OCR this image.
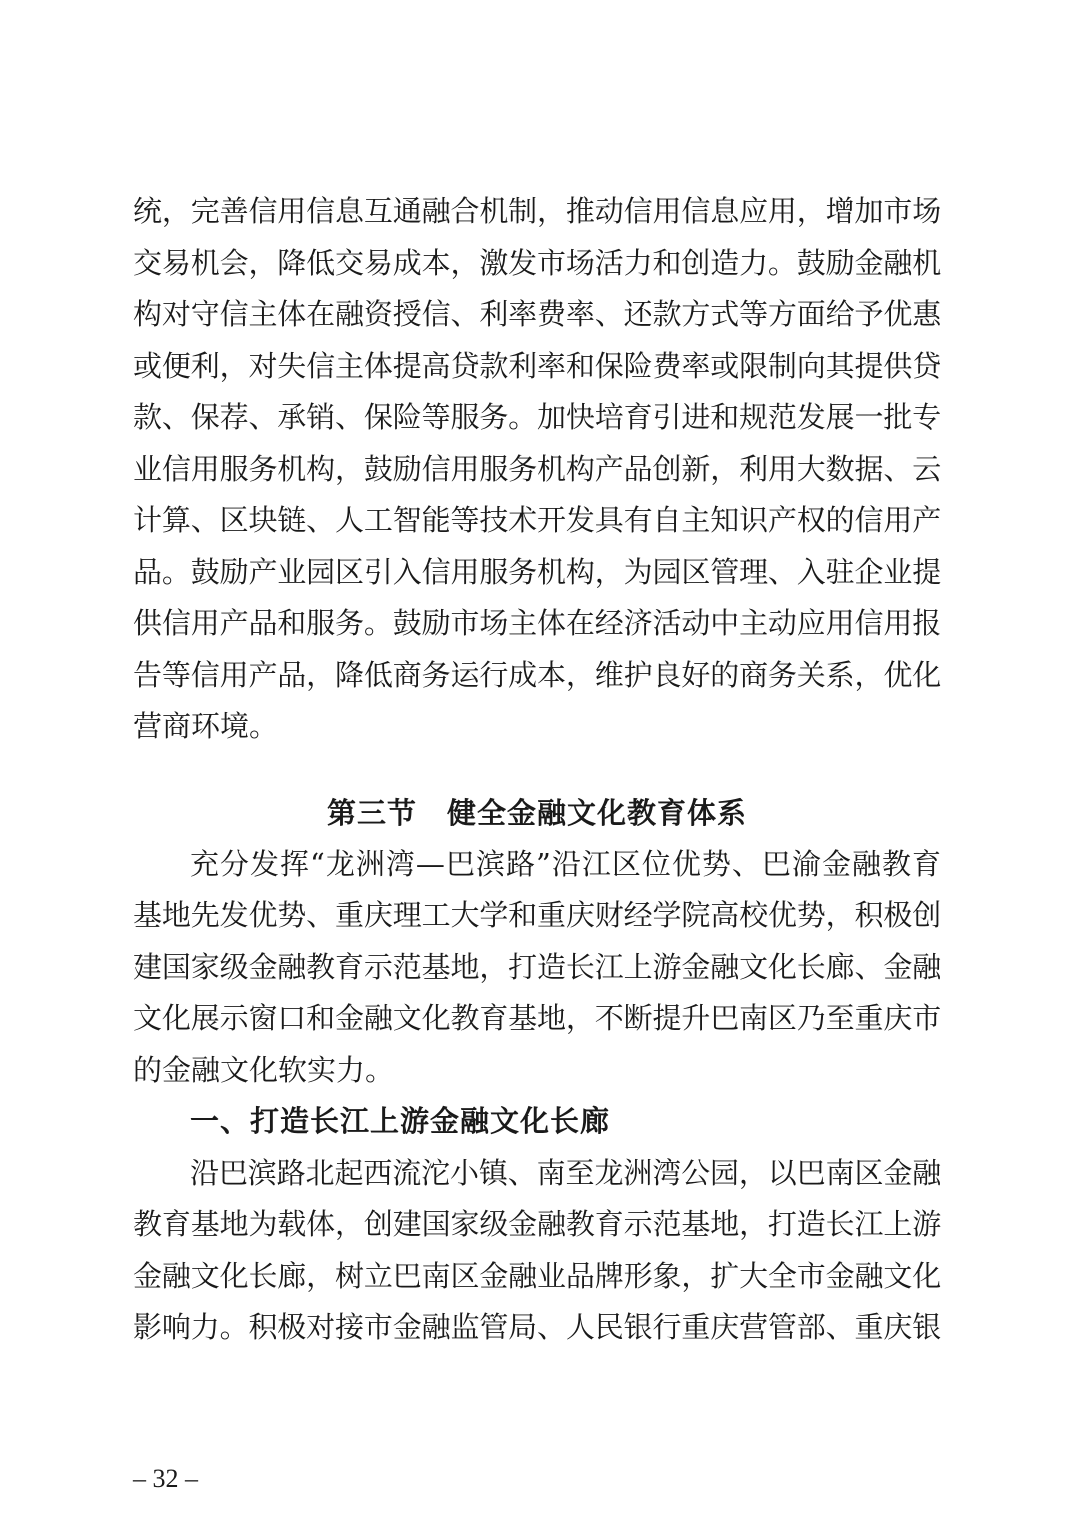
统，完善信用信息互通融合机制，推动信用信息应用，增加市场
交易机会，降低交易成本，激发市场活力和创造力。鼓励金融机
构对守信主体在融资授信、利率费率、还款方式等方面给予优惠
或便利，对失信主体提高贷款利率和保险费率或限制向其提供贷
款、保荐、承销、保险等服务。加快培育引进和规范发展一批专
业信用服务机构，鼓励信用服务机构产品创新，利用大数据、云
计算、区块链、人工智能等技术开发具有自主知识产权的信用产
品。鼓励产业园区引入信用服务机构，为园区管理、入驻企业提
供信用产品和服务。鼓励市场主体在经济活动中主动应用信用报
告等信用产品，降低商务运行成本，维护良好的商务关系，优化
营商环境。
第三节　健全金融文化教育体系
充分发挥“龙洲湾—巴滨路”沿江区位优势、巴渝金融教育
基地先发优势、重庆理工大学和重庆财经学院高校优势，积极创
建国家级金融教育示范基地，打造长江上游金融文化长廊、金融
文化展示窗口和金融文化教育基地，不断提升巴南区乃至重庆市
的金融文化软实力。
一、打造长江上游金融文化长廊
沿巴滨路北起西流沱小镇、南至龙洲湾公园，以巴南区金融
教育基地为载体，创建国家级金融教育示范基地，打造长江上游
金融文化长廊，树立巴南区金融业品牌形象，扩大全市金融文化
影响力。积极对接市金融监管局、人民银行重庆营管部、重庆银
– 32 –
